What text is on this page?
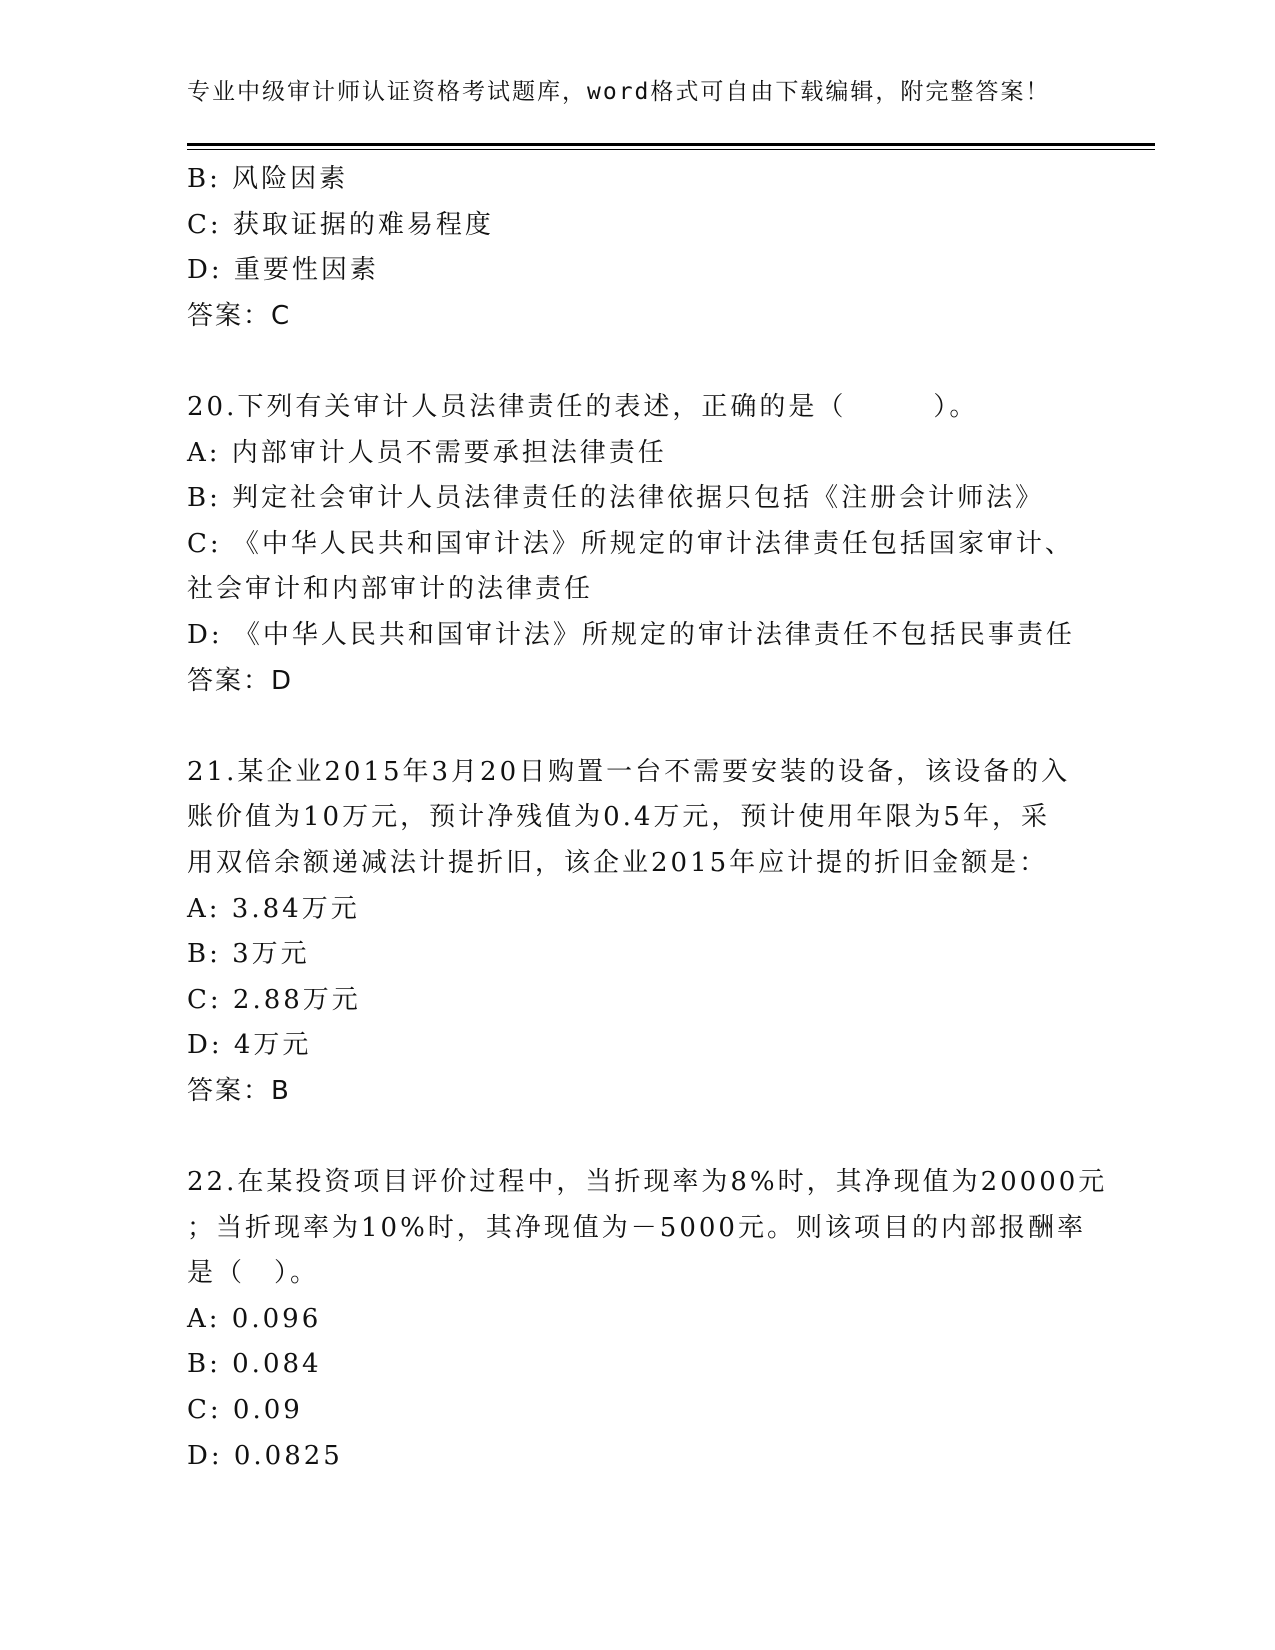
专业中级审计师认证资格考试题库，word格式可自由下载编辑，附完整答案！
B: 风险因素
C: 获取证据的难易程度
D: 重要性因素
答案：C
20.下列有关审计人员法律责任的表述，正确的是（　　　）。
A: 内部审计人员不需要承担法律责任
B: 判定社会审计人员法律责任的法律依据只包括《注册会计师法》
C: 《中华人民共和国审计法》所规定的审计法律责任包括国家审计、
社会审计和内部审计的法律责任
D: 《中华人民共和国审计法》所规定的审计法律责任不包括民事责任
答案：D
21.某企业2015年3月20日购置一台不需要安装的设备，该设备的入
账价值为10万元，预计净残值为0.4万元，预计使用年限为5年，采
用双倍余额递减法计提折旧，该企业2015年应计提的折旧金额是：
A: 3.84万元
B: 3万元
C: 2.88万元
D: 4万元
答案：B
22.在某投资项目评价过程中，当折现率为8%时，其净现值为20000元
；当折现率为10%时，其净现值为－5000元。则该项目的内部报酬率
是（　）。
A: 0.096
B: 0.084
C: 0.09
D: 0.0825
